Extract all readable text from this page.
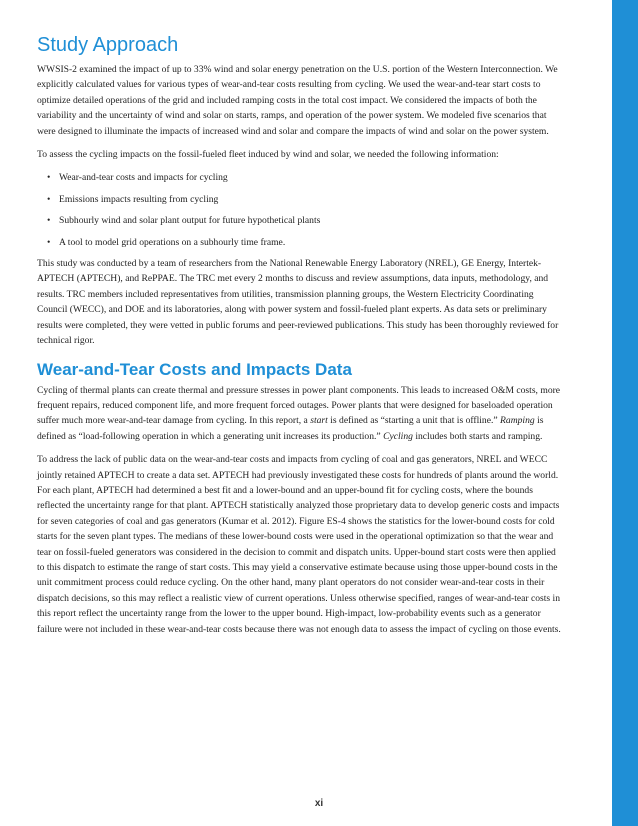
Study Approach

WWSIS-2 examined the impact of up to 33% wind and solar energy penetration on the U.S. portion of the Western Interconnection. We explicitly calculated values for various types of wear-and-tear costs resulting from cycling. We used the wear-and-tear start costs to optimize detailed operations of the grid and included ramping costs in the total cost impact. We considered the impacts of both the variability and the uncertainty of wind and solar on starts, ramps, and operation of the power system. We modeled five scenarios that were designed to illuminate the impacts of increased wind and solar and compare the impacts of wind and solar on the power system.

To assess the cycling impacts on the fossil-fueled fleet induced by wind and solar, we needed the following information:

• Wear-and-tear costs and impacts for cycling
• Emissions impacts resulting from cycling
• Subhourly wind and solar plant output for future hypothetical plants
• A tool to model grid operations on a subhourly time frame.

This study was conducted by a team of researchers from the National Renewable Energy Laboratory (NREL), GE Energy, Intertek-APTECH (APTECH), and RePPAE. The TRC met every 2 months to discuss and review assumptions, data inputs, methodology, and results. TRC members included representatives from utilities, transmission planning groups, the Western Electricity Coordinating Council (WECC), and DOE and its laboratories, along with power system and fossil-fueled plant experts. As data sets or preliminary results were completed, they were vetted in public forums and peer-reviewed publications. This study has been thoroughly reviewed for technical rigor.

Wear-and-Tear Costs and Impacts Data

Cycling of thermal plants can create thermal and pressure stresses in power plant components. This leads to increased O&M costs, more frequent repairs, reduced component life, and more frequent forced outages. Power plants that were designed for baseloaded operation suffer much more wear-and-tear damage from cycling. In this report, a start is defined as “starting a unit that is offline.” Ramping is defined as “load-following operation in which a generating unit increases its production.” Cycling includes both starts and ramping.

To address the lack of public data on the wear-and-tear costs and impacts from cycling of coal and gas generators, NREL and WECC jointly retained APTECH to create a data set. APTECH had previously investigated these costs for hundreds of plants around the world. For each plant, APTECH had determined a best fit and a lower-bound and an upper-bound fit for cycling costs, where the bounds reflected the uncertainty range for that plant. APTECH statistically analyzed those proprietary data to develop generic costs and impacts for seven categories of coal and gas generators (Kumar et al. 2012). Figure ES-4 shows the statistics for the lower-bound costs for cold starts for the seven plant types. The medians of these lower-bound costs were used in the operational optimization so that the wear and tear on fossil-fueled generators was considered in the decision to commit and dispatch units. Upper-bound start costs were then applied to this dispatch to estimate the range of start costs. This may yield a conservative estimate because using those upper-bound costs in the unit commitment process could reduce cycling. On the other hand, many plant operators do not consider wear-and-tear costs in their dispatch decisions, so this may reflect a realistic view of current operations. Unless otherwise specified, ranges of wear-and-tear costs in this report reflect the uncertainty range from the lower to the upper bound. High-impact, low-probability events such as a generator failure were not included in these wear-and-tear costs because there was not enough data to assess the impact of cycling on those events.

xi
